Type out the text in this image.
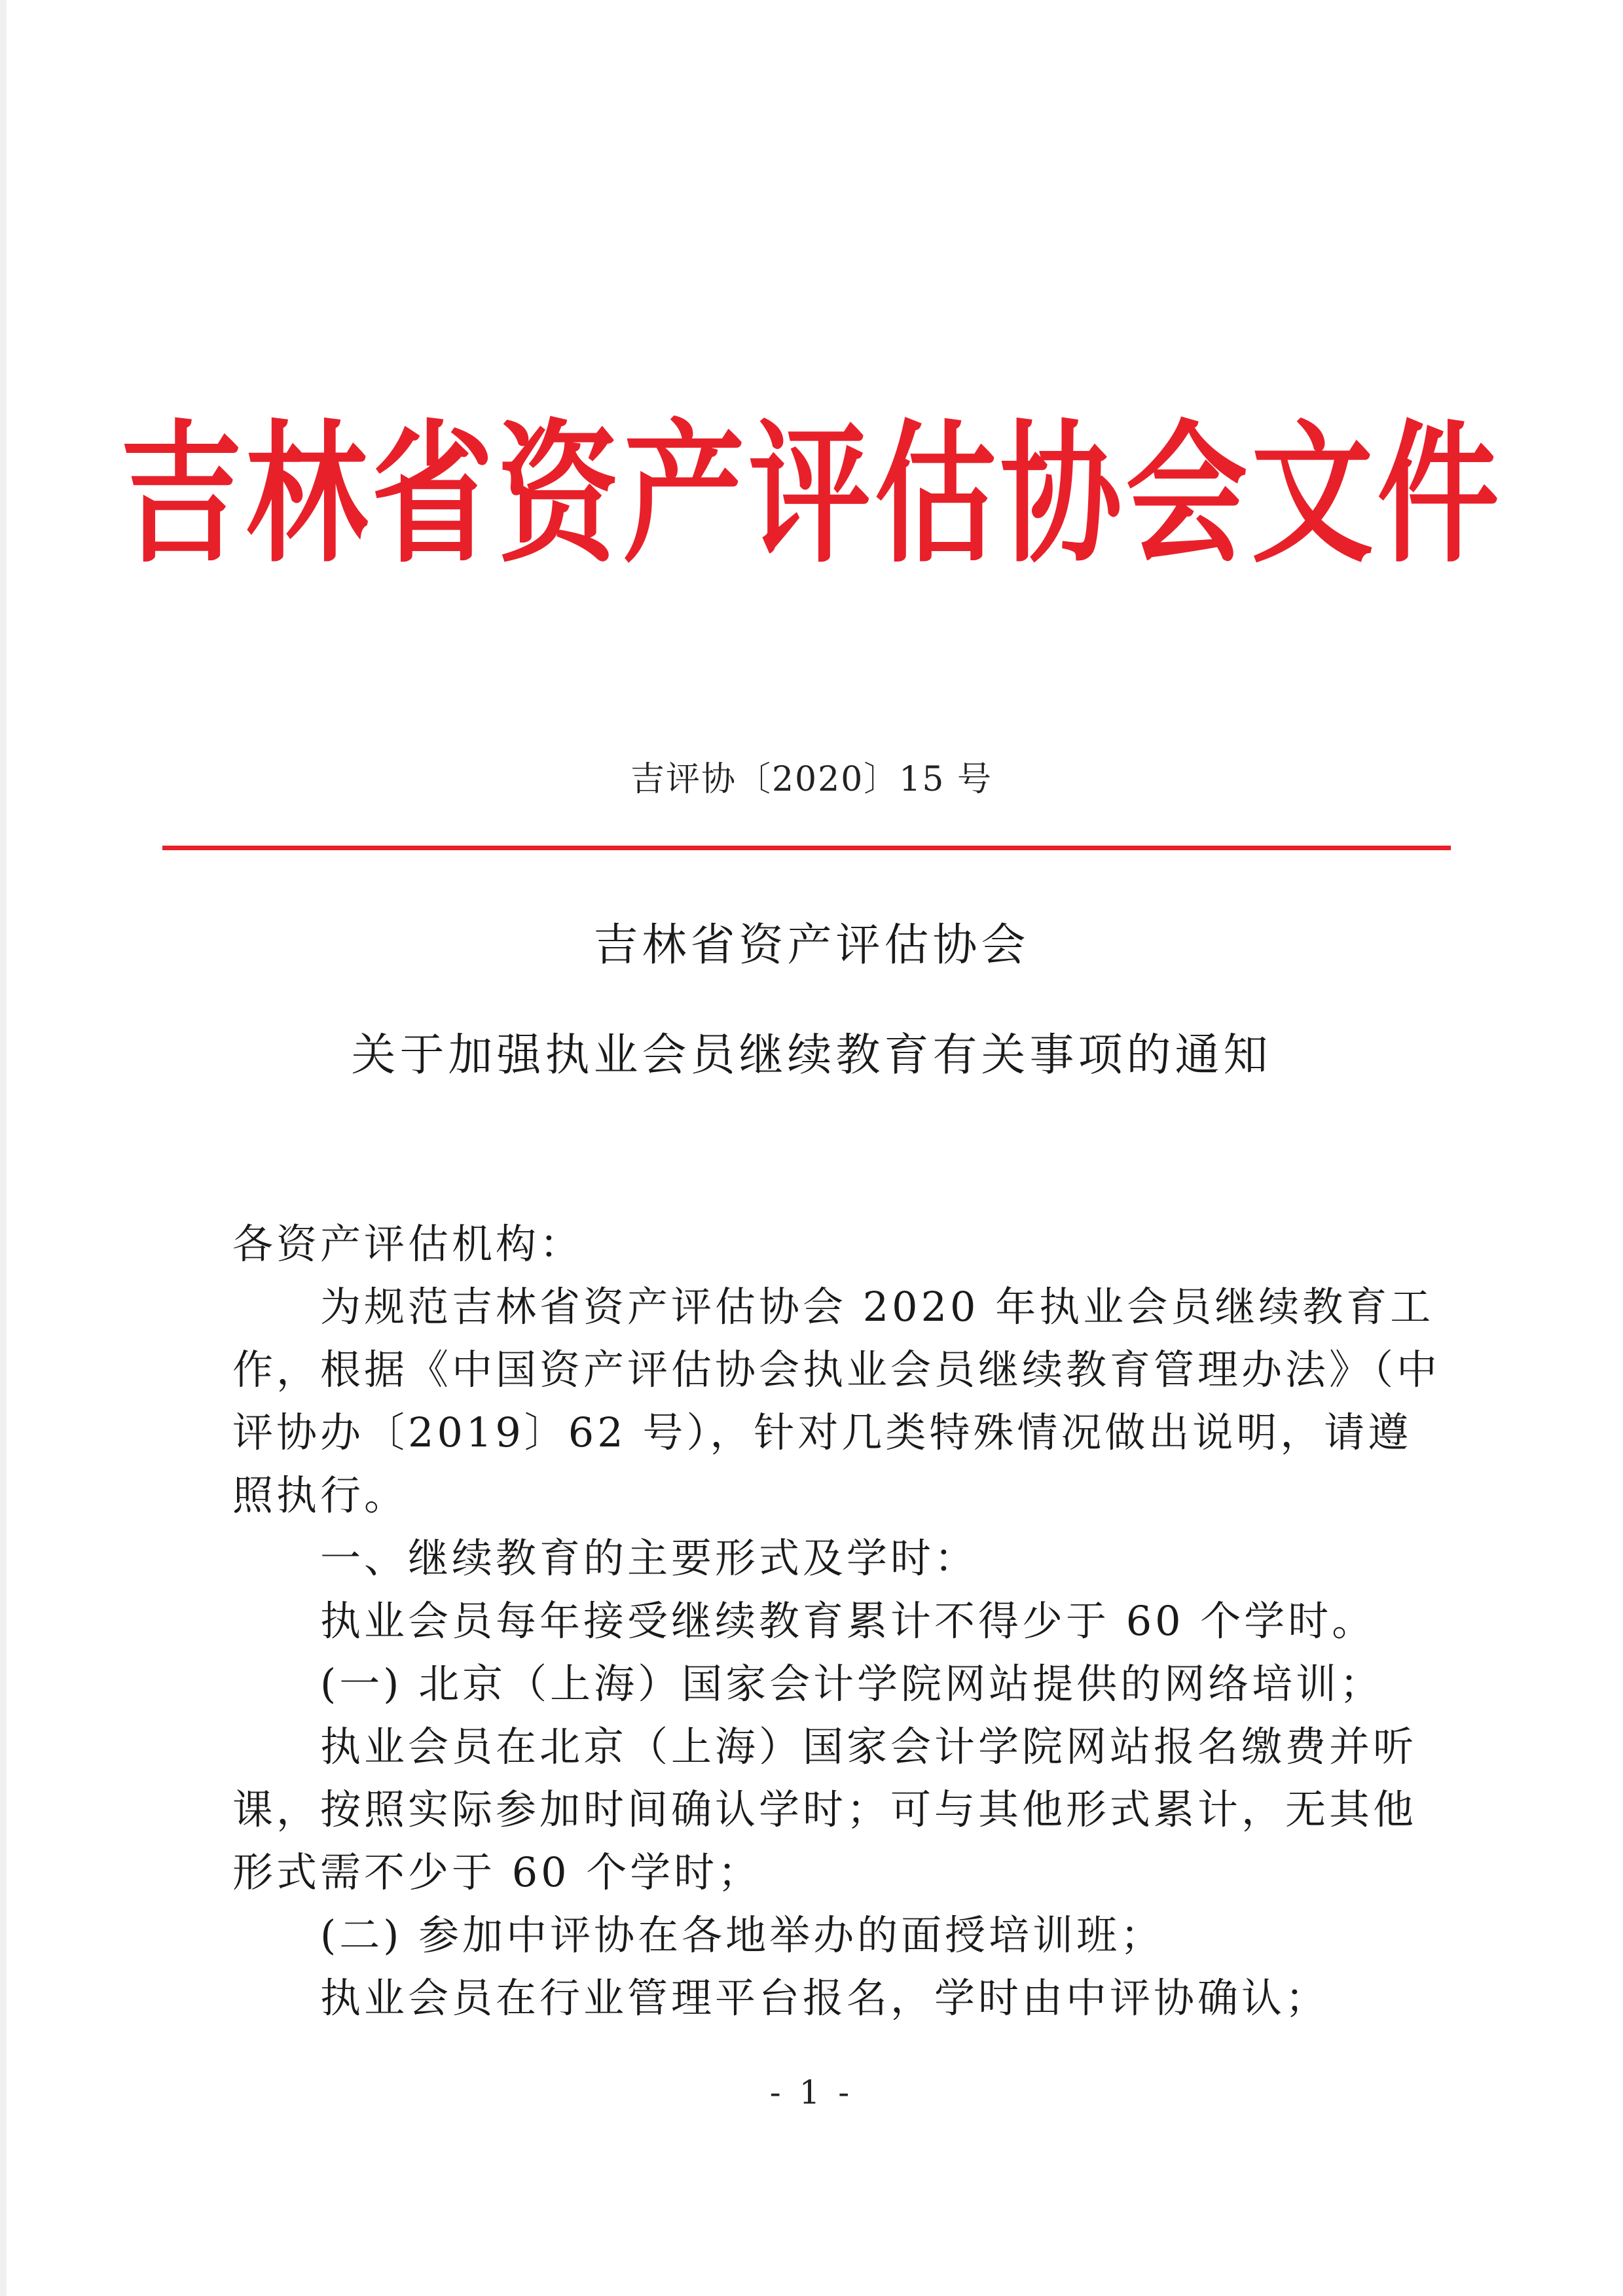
吉林省资产评估协会文件
吉评协〔2020〕15 号
吉林省资产评估协会
关于加强执业会员继续教育有关事项的通知
各资产评估机构：
　　为规范吉林省资产评估协会 2020 年执业会员继续教育工
作，根据《中国资产评估协会执业会员继续教育管理办法》（中
评协办〔2019〕62 号），针对几类特殊情况做出说明，请遵
照执行。
　　一、继续教育的主要形式及学时：
　　执业会员每年接受继续教育累计不得少于 60 个学时。
　　(一) 北京（上海）国家会计学院网站提供的网络培训；
　　执业会员在北京（上海）国家会计学院网站报名缴费并听
课，按照实际参加时间确认学时；可与其他形式累计，无其他
形式需不少于 60 个学时；
　　(二) 参加中评协在各地举办的面授培训班；
　　执业会员在行业管理平台报名，学时由中评协确认；
- 1 -
